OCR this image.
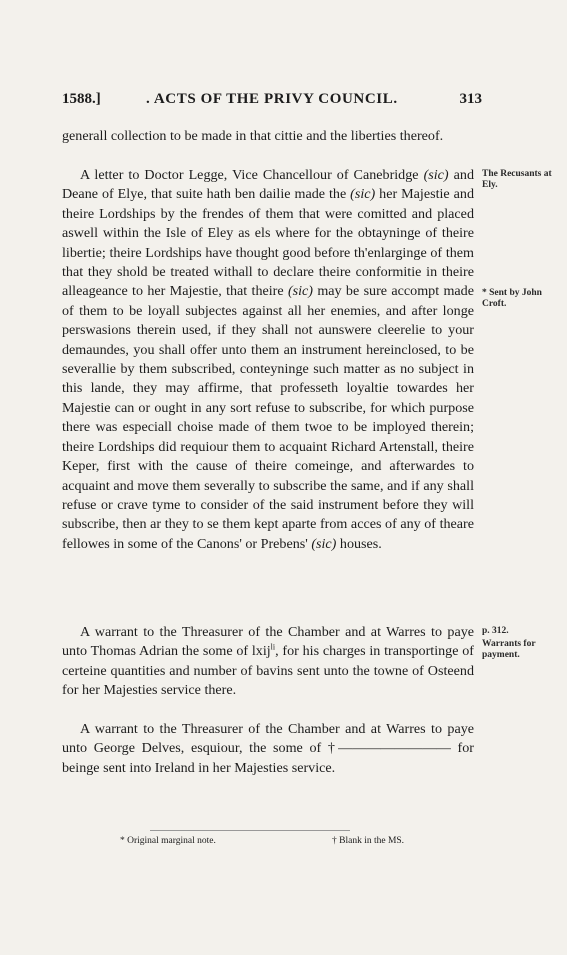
1588.]	. ACTS OF THE PRIVY COUNCIL.	313

generall collection to be made in that cittie and the liberties thereof.

A letter to Doctor Legge, Vice Chancellour of Canebridge (sic) and Deane of Elye, that suite hath ben dailie made the (sic) her Majestie and theire Lordships by the frendes of them that were comitted and placed aswell within the Isle of Eley as els where for the obtayninge of theire libertie; theire Lordships have thought good before th'enlarginge of them that they shold be treated withall to declare theire conformitie in theire alleageance to her Majestie, that theire (sic) may be sure accompt made of them to be loyall subjectes against all her enemies, and after longe perswasions therein used, if they shall not aunswere cleerelie to your demaundes, you shall offer unto them an instrument hereinclosed, to be severallie by them subscribed, conteyninge such matter as no subject in this lande, they may affirme, that professeth loyaltie towardes her Majestie can or ought in any sort refuse to subscribe, for which purpose there was especiall choise made of them twoe to be imployed therein; theire Lordships did requiour them to acquaint Richard Artenstall, theire Keper, first with the cause of theire comeinge, and afterwardes to acquaint and move them severally to subscribe the same, and if any shall refuse or crave tyme to consider of the said instrument before they will subscribe, then ar they to se them kept aparte from acces of any of theare fellowes in some of the Canons' or Prebens' (sic) houses.

A warrant to the Threasurer of the Chamber and at Warres to paye unto Thomas Adrian the some of lxij$^{li}$, for his charges in transportinge of certeine quantities and number of bavins sent unto the towne of Osteend for her Majesties service there.

A warrant to the Threasurer of the Chamber and at Warres to paye unto George Delves, esquiour, the some of †———————— for beinge sent into Ireland in her Majesties service.

The Recusants at Ely.
* Sent by John Croft.
p. 312.
Warrants for payment.
* Original marginal note.	† Blank in the MS.
